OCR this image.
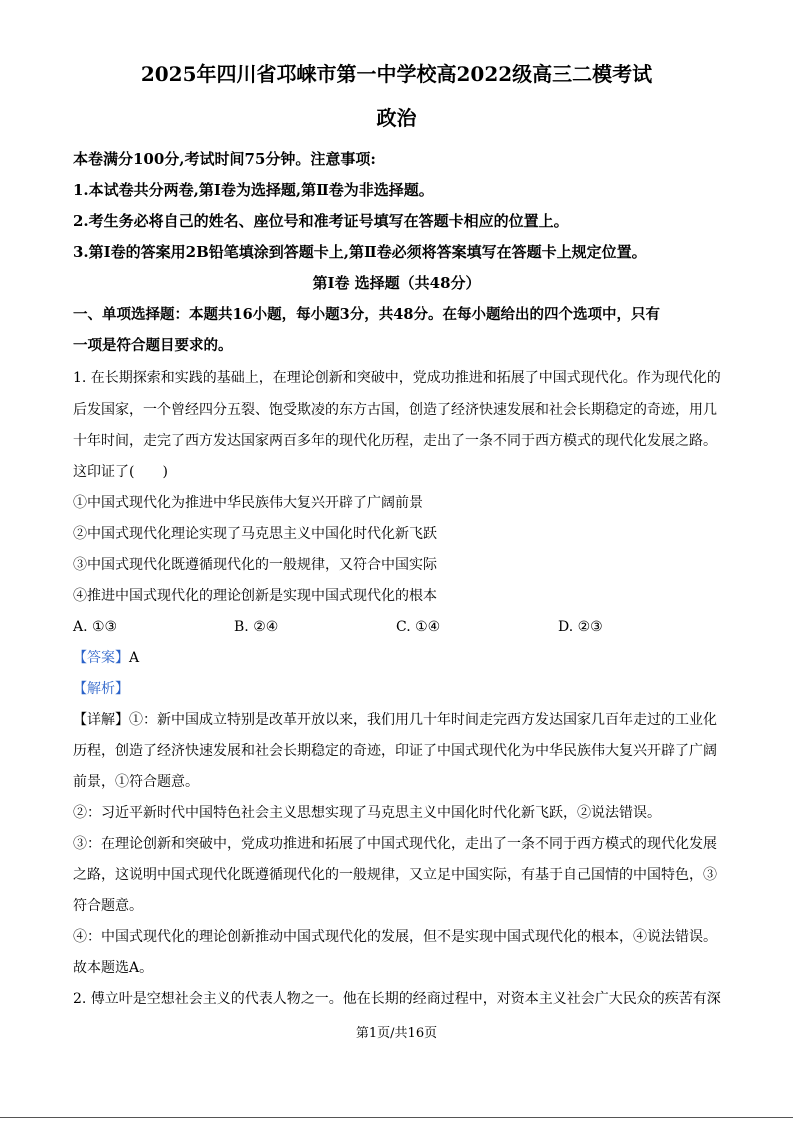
2025年四川省邛崃市第一中学校高2022级高三二模考试
政治
本卷满分100分,考试时间75分钟。注意事项:
1.本试卷共分两卷,第Ⅰ卷为选择题,第Ⅱ卷为非选择题。
2.考生务必将自己的姓名、座位号和准考证号填写在答题卡相应的位置上。
3.第Ⅰ卷的答案用2B铅笔填涂到答题卡上,第Ⅱ卷必须将答案填写在答题卡上规定位置。
第Ⅰ卷 选择题（共48分）
一、单项选择题：本题共16小题，每小题3分，共48分。在每小题给出的四个选项中，只有
一项是符合题目要求的。
1. 在长期探索和实践的基础上，在理论创新和突破中，党成功推进和拓展了中国式现代化。作为现代化的
后发国家，一个曾经四分五裂、饱受欺凌的东方古国，创造了经济快速发展和社会长期稳定的奇迹，用几
十年时间，走完了西方发达国家两百多年的现代化历程，走出了一条不同于西方模式的现代化发展之路。
这印证了(　　)
①中国式现代化为推进中华民族伟大复兴开辟了广阔前景
②中国式现代化理论实现了马克思主义中国化时代化新飞跃
③中国式现代化既遵循现代化的一般规律，又符合中国实际
④推进中国式现代化的理论创新是实现中国式现代化的根本
A. ①③	B. ②④	C. ①④	D. ②③
【答案】A
【解析】
【详解】①：新中国成立特别是改革开放以来，我们用几十年时间走完西方发达国家几百年走过的工业化
历程，创造了经济快速发展和社会长期稳定的奇迹，印证了中国式现代化为中华民族伟大复兴开辟了广阔
前景，①符合题意。
②：习近平新时代中国特色社会主义思想实现了马克思主义中国化时代化新飞跃，②说法错误。
③：在理论创新和突破中，党成功推进和拓展了中国式现代化，走出了一条不同于西方模式的现代化发展
之路，这说明中国式现代化既遵循现代化的一般规律，又立足中国实际，有基于自己国情的中国特色，③
符合题意。
④：中国式现代化的理论创新推动中国式现代化的发展，但不是实现中国式现代化的根本，④说法错误。
故本题选A。
2. 傅立叶是空想社会主义的代表人物之一。他在长期的经商过程中，对资本主义社会广大民众的疾苦有深
第1页/共16页
